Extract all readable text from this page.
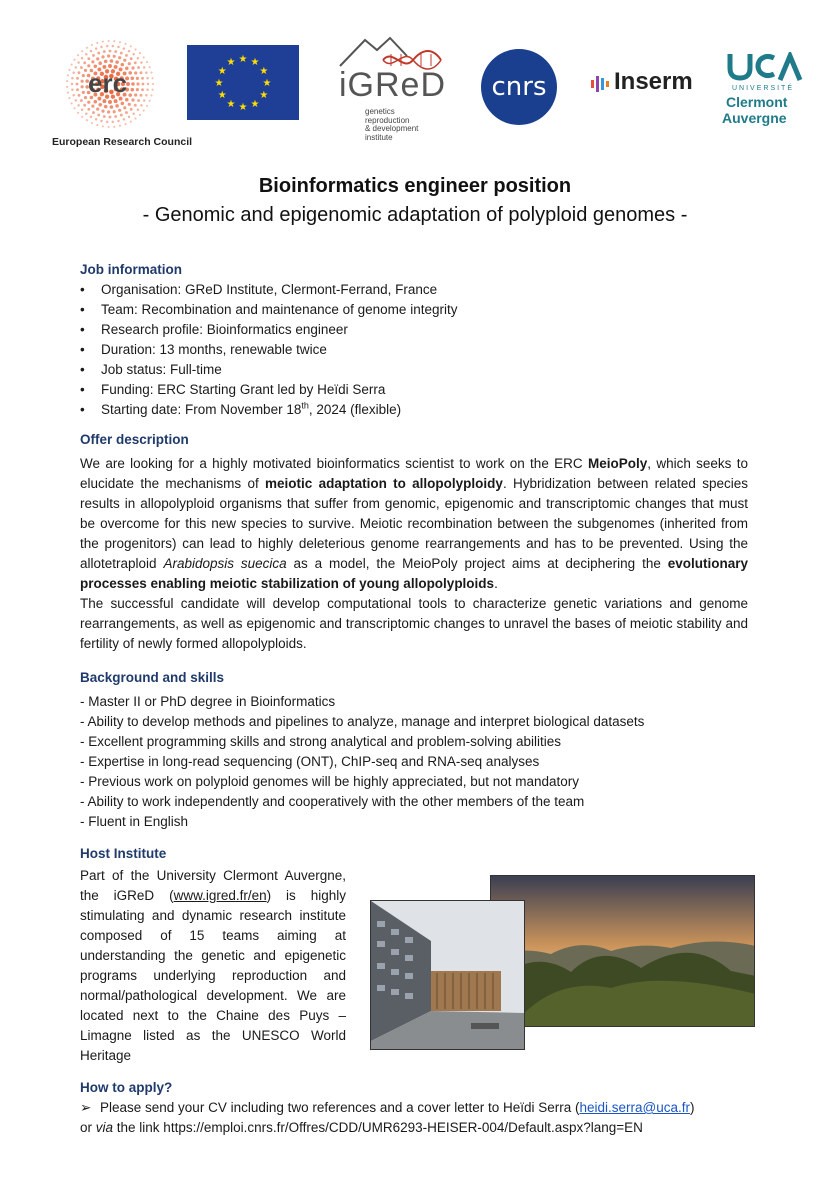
erc
European Research Council
★
★
★
★
★
★
★
★
★ ★ ★
★ iGReD
genetics
reproduction
& development
institute
cnrs	Inserm	UNIVERSITÉ
Clermont
Auvergne

Bioinformatics engineer position

- Genomic and epigenomic adaptation of polyploid genomes -

Job information

• Organisation: GReD Institute, Clermont-Ferrand, France
• Team: Recombination and maintenance of genome integrity
• Research profile: Bioinformatics engineer
• Duration: 13 months, renewable twice
• Job status: Full-time
• Funding: ERC Starting Grant led by Heïdi Serra
• Starting date: From November 18th, 2024 (flexible)

Offer description

We are looking for a highly motivated bioinformatics scientist to work on the ERC MeioPoly, which seeks to elucidate the mechanisms of meiotic adaptation to allopolyploidy. Hybridization between related species results in allopolyploid organisms that suffer from genomic, epigenomic and transcriptomic changes that must be overcome for this new species to survive. Meiotic recombination between the subgenomes (inherited from the progenitors) can lead to highly deleterious genome rearrangements and has to be prevented. Using the allotetraploid Arabidopsis suecica as a model, the MeioPoly project aims at deciphering the evolutionary processes enabling meiotic stabilization of young allopolyploids.

The successful candidate will develop computational tools to characterize genetic variations and genome rearrangements, as well as epigenomic and transcriptomic changes to unravel the bases of meiotic stability and fertility of newly formed allopolyploids.

Background and skills

- Master II or PhD degree in Bioinformatics
- Ability to develop methods and pipelines to analyze, manage and interpret biological datasets
- Excellent programming skills and strong analytical and problem-solving abilities
- Expertise in long-read sequencing (ONT), ChIP-seq and RNA-seq analyses
- Previous work on polyploid genomes will be highly appreciated, but not mandatory
- Ability to work independently and cooperatively with the other members of the team
- Fluent in English

Host Institute

Part of the University Clermont Auvergne, the iGReD (www.igred.fr/en) is highly stimulating and dynamic research institute composed of 15 teams aiming at understanding the genetic and epigenetic programs underlying reproduction and normal/pathological development. We are located next to the Chaine des Puys – Limagne listed as the UNESCO World Heritage

How to apply?

➢ Please send your CV including two references and a cover letter to Heïdi Serra (heidi.serra@uca.fr)
or via the link https://emploi.cnrs.fr/Offres/CDD/UMR6293-HEISER-004/Default.aspx?lang=EN
